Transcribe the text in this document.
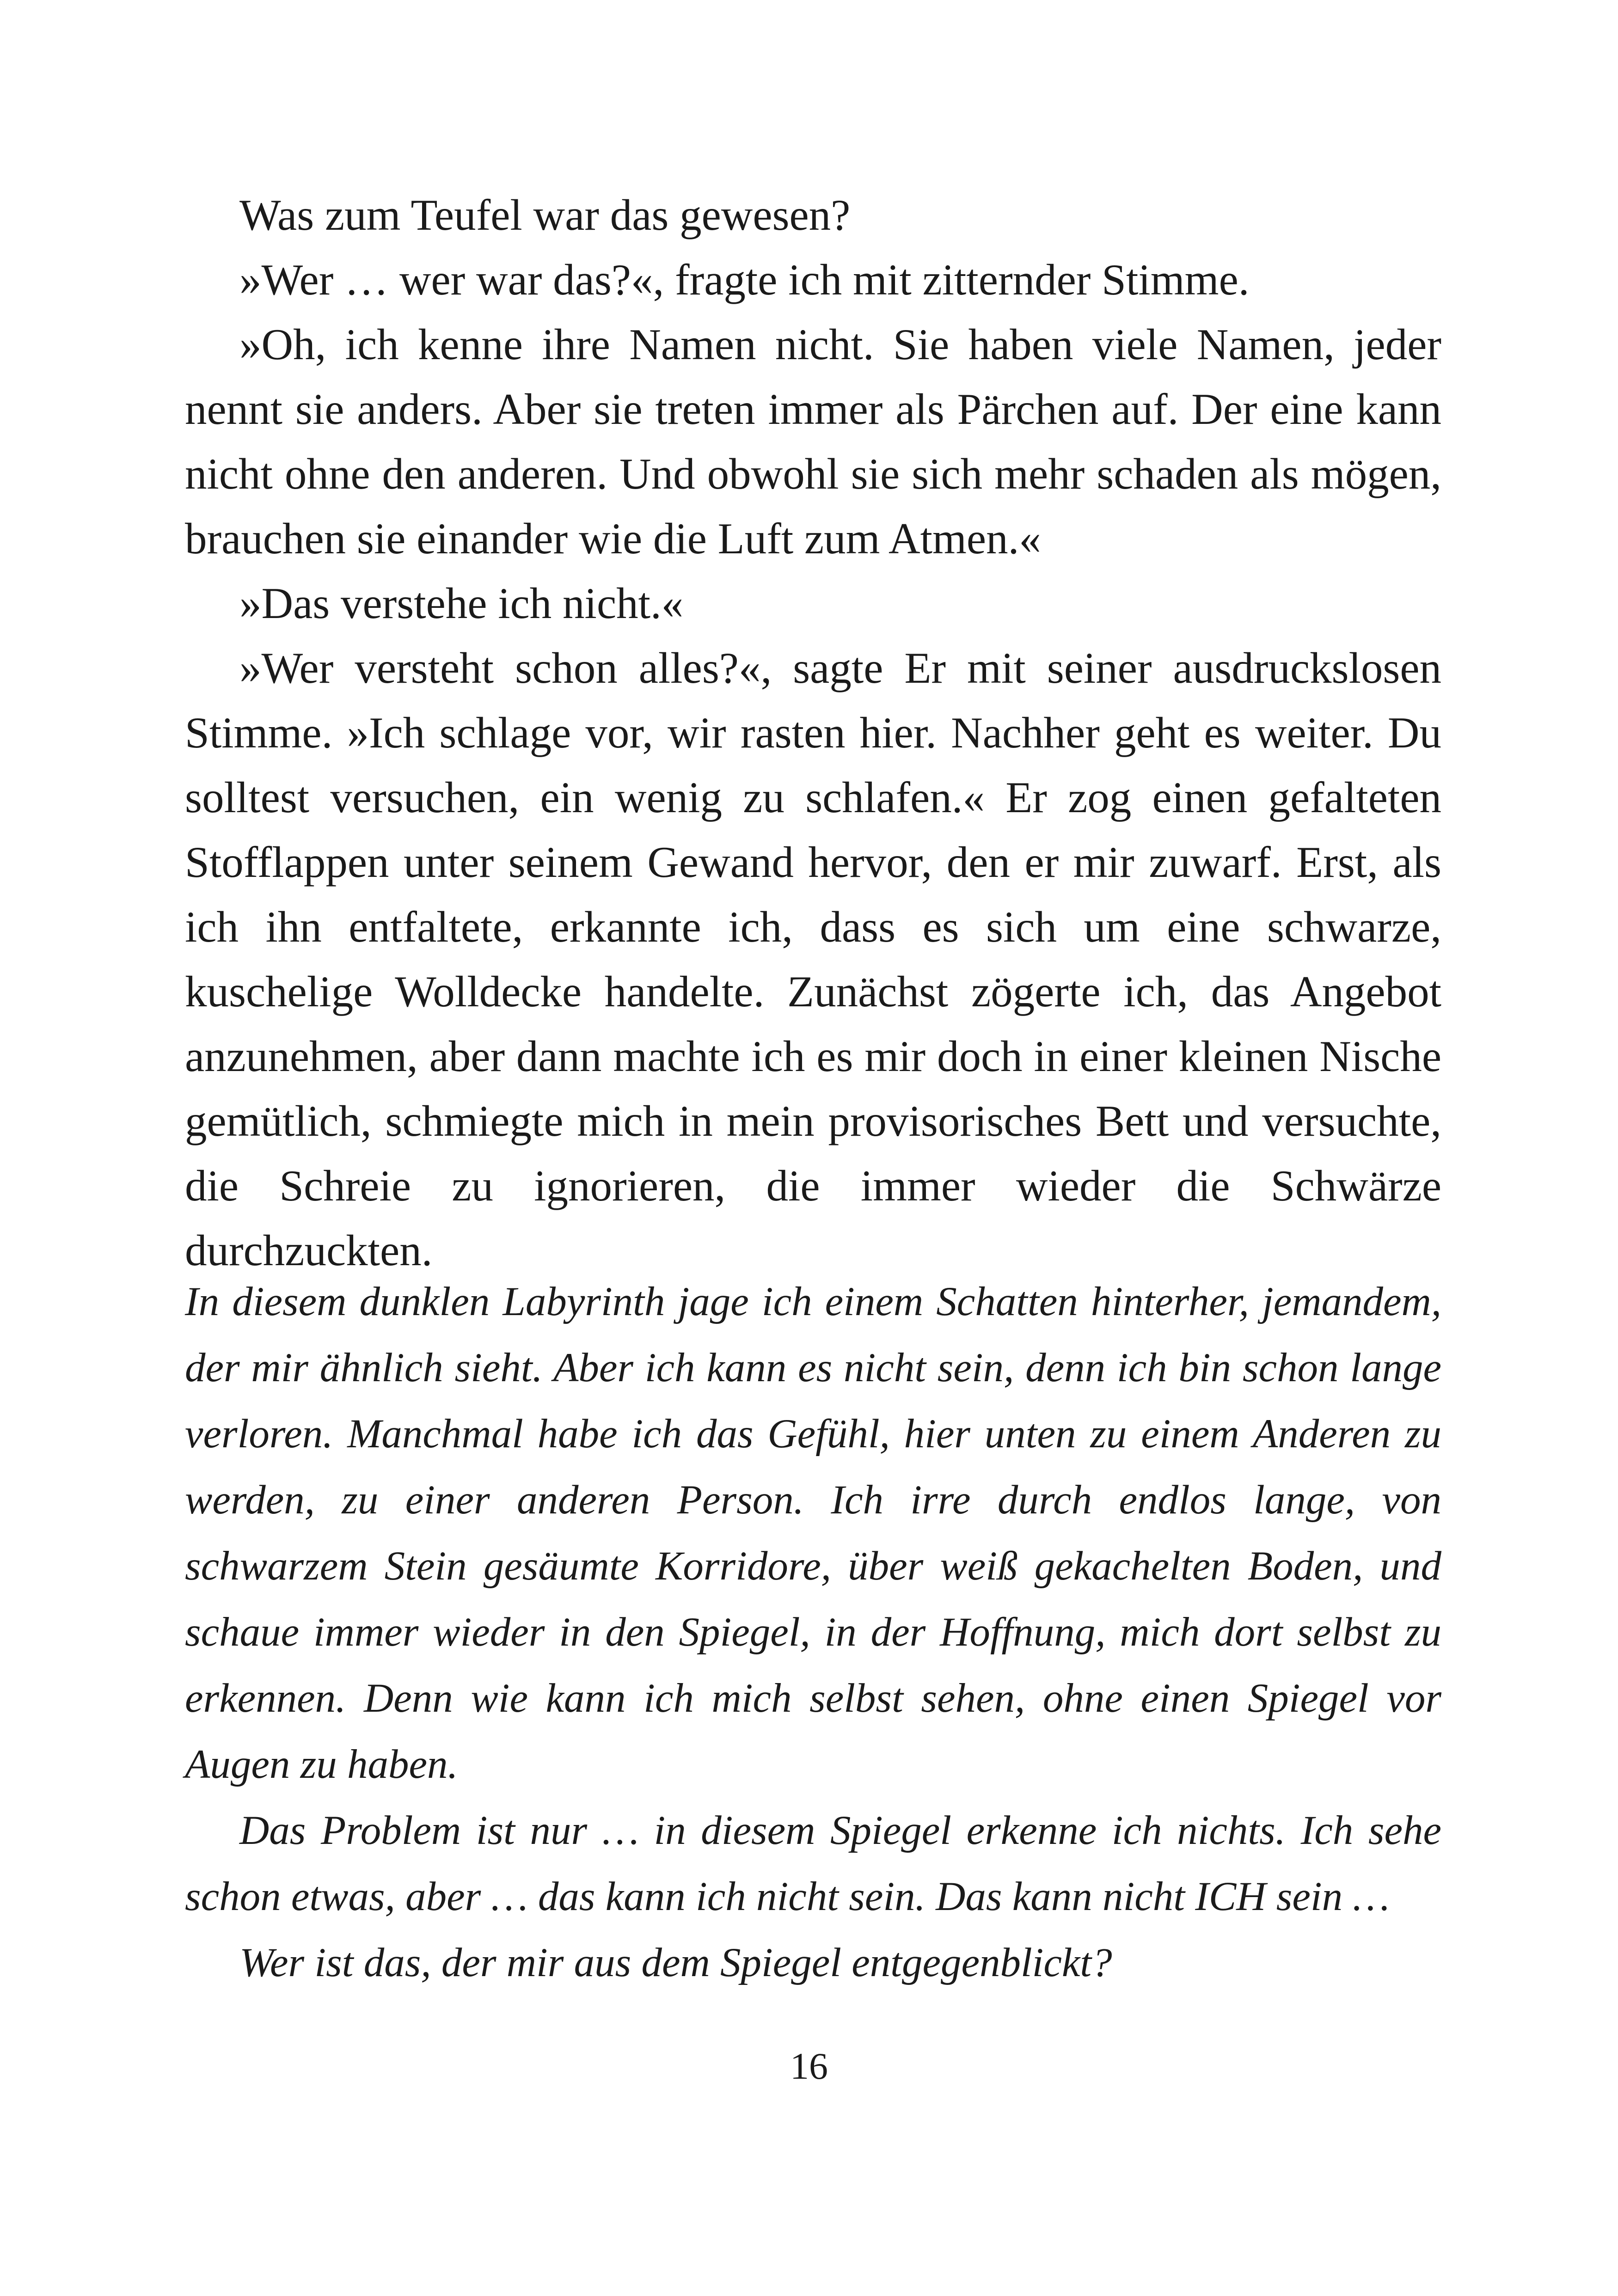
Was zum Teufel war das gewesen?

»Wer … wer war das?«, fragte ich mit zitternder Stimme.

»Oh, ich kenne ihre Namen nicht. Sie haben viele Namen, jeder nennt sie anders. Aber sie treten immer als Pärchen auf. Der eine kann nicht ohne den anderen. Und obwohl sie sich mehr schaden als mögen, brauchen sie einander wie die Luft zum Atmen.«

»Das verstehe ich nicht.«

»Wer versteht schon alles?«, sagte Er mit seiner ausdruckslosen Stimme. »Ich schlage vor, wir rasten hier. Nachher geht es weiter. Du solltest versuchen, ein wenig zu schlafen.« Er zog einen gefalteten Stofflappen unter seinem Gewand hervor, den er mir zuwarf. Erst, als ich ihn entfaltete, erkannte ich, dass es sich um eine schwarze, kuschelige Wolldecke handelte. Zunächst zögerte ich, das Angebot anzunehmen, aber dann machte ich es mir doch in einer kleinen Nische gemütlich, schmiegte mich in mein provisorisches Bett und versuchte, die Schreie zu ignorieren, die immer wieder die Schwärze durchzuckten.

In diesem dunklen Labyrinth jage ich einem Schatten hinterher, jemandem, der mir ähnlich sieht. Aber ich kann es nicht sein, denn ich bin schon lange verloren. Manchmal habe ich das Gefühl, hier unten zu einem Anderen zu werden, zu einer anderen Person. Ich irre durch endlos lange, von schwarzem Stein gesäumte Korridore, über weiß gekachelten Boden, und schaue immer wieder in den Spiegel, in der Hoffnung, mich dort selbst zu erkennen. Denn wie kann ich mich selbst sehen, ohne einen Spiegel vor Augen zu haben.

Das Problem ist nur … in diesem Spiegel erkenne ich nichts. Ich sehe schon etwas, aber … das kann ich nicht sein. Das kann nicht ICH sein …

Wer ist das, der mir aus dem Spiegel entgegenblickt?

16
